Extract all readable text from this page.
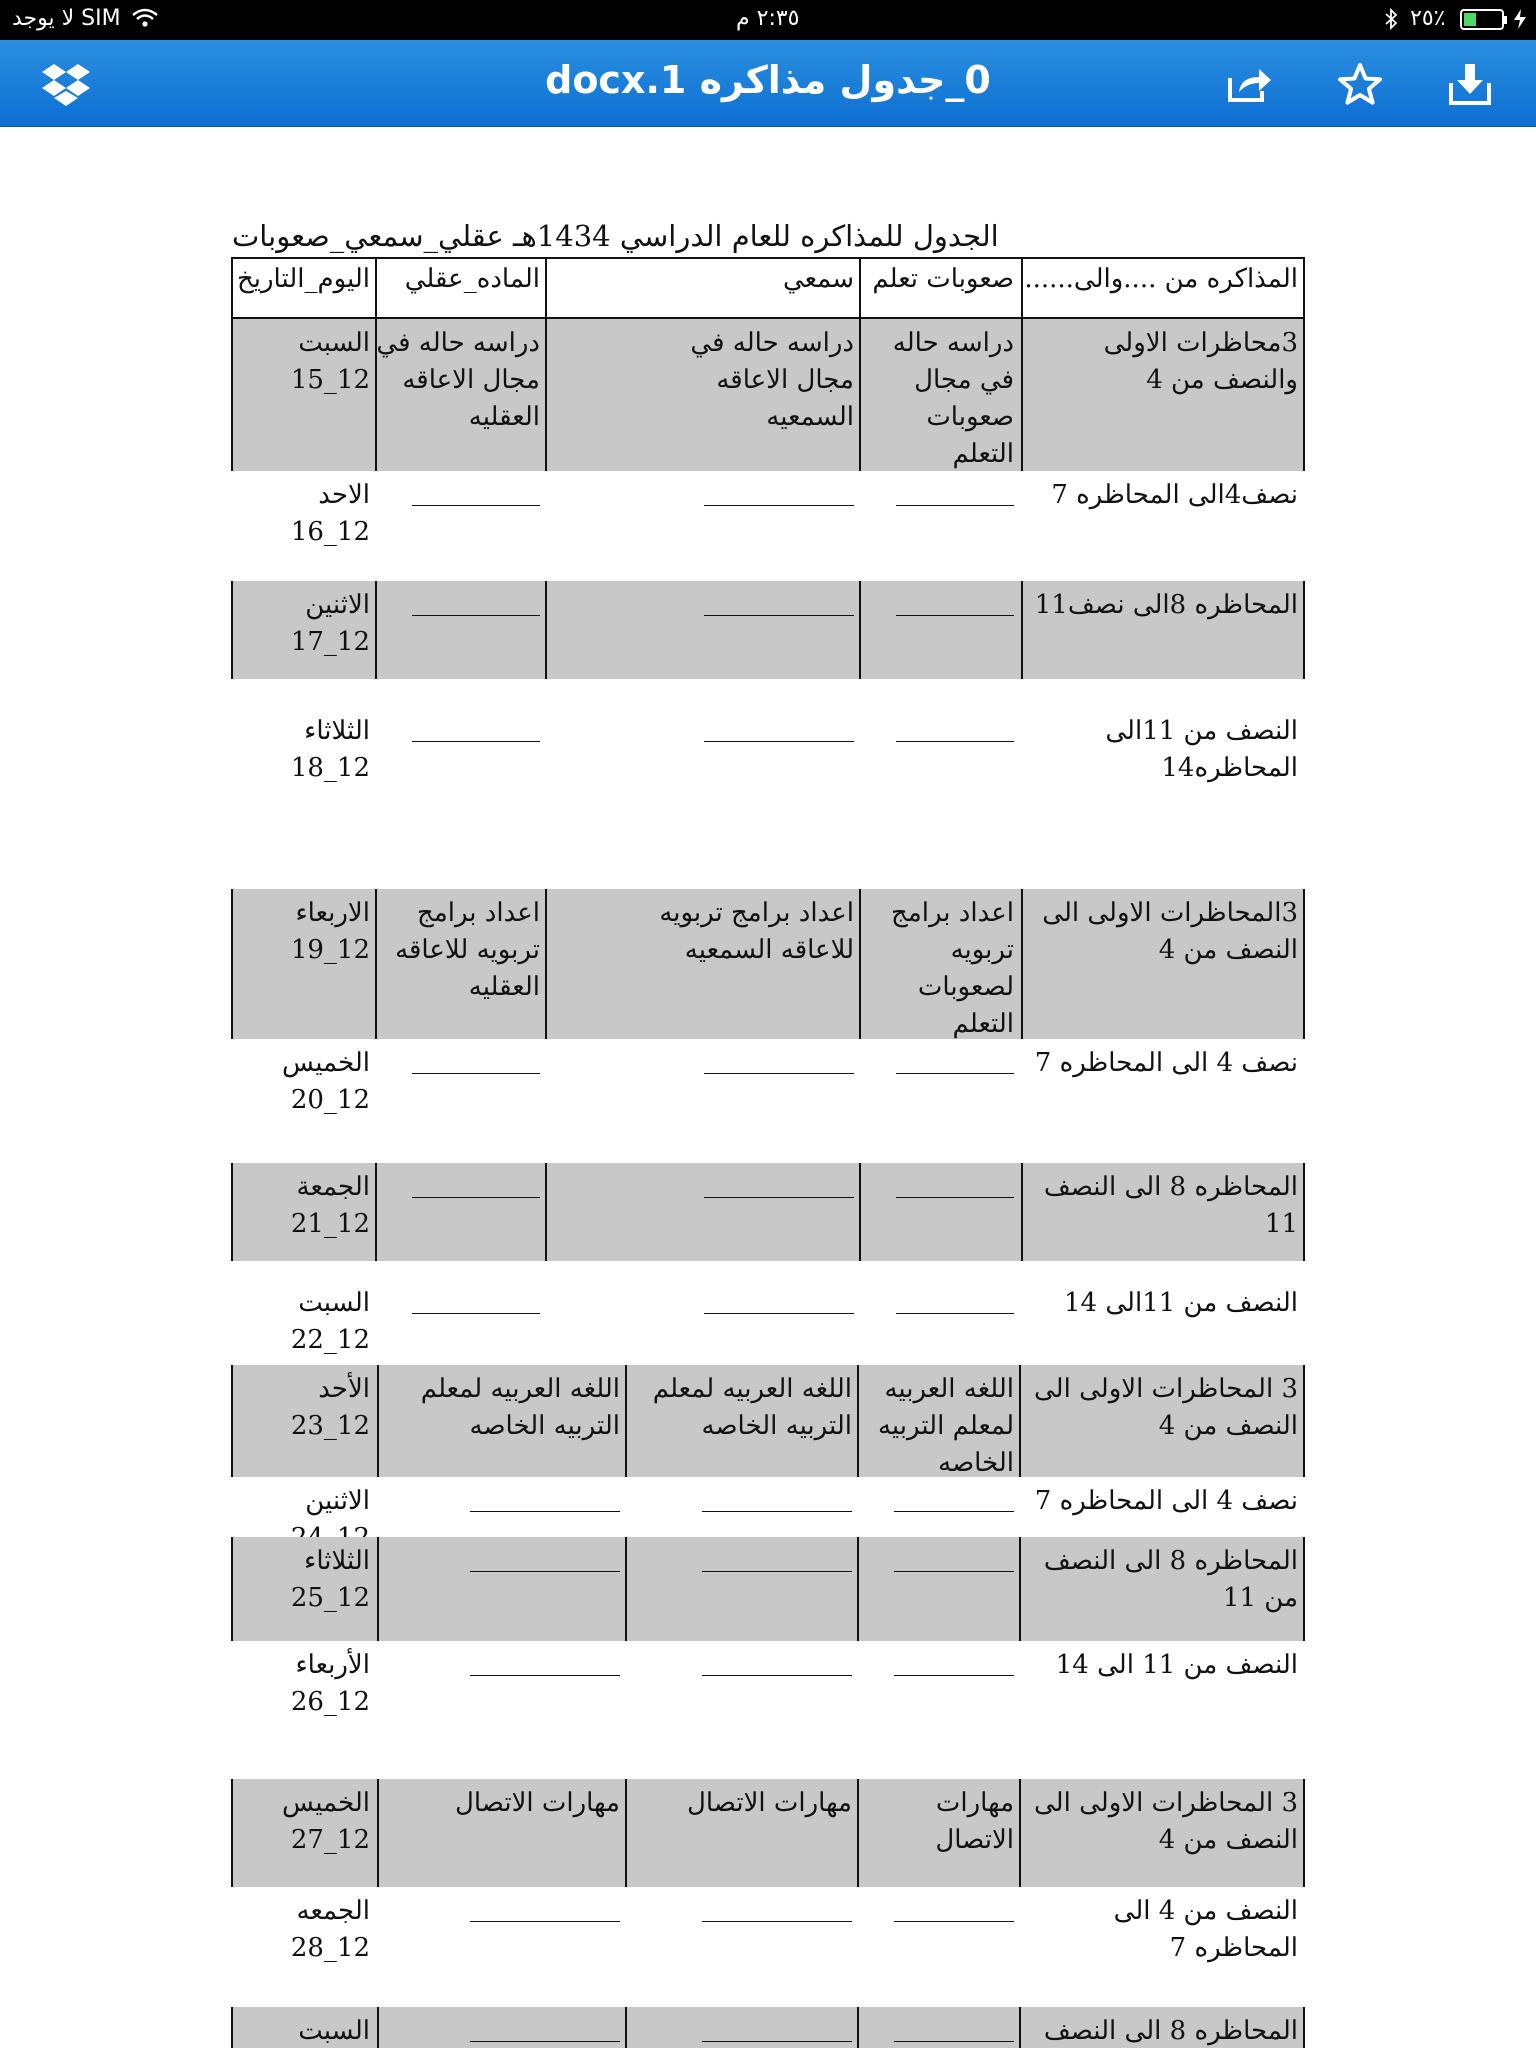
لا يوجد SIM	٢:٣٥ م	٢٥٪
0_جدول مذاكره docx.1
الجدول للمذاكره للعام الدراسي 1434هـ عقلي_سمعي_صعوبات
المذاكره من ....والى......
صعوبات تعلم
سمعي
الماده_عقلي
اليوم_التاريخ
3محاظرات الاولى
والنصف من 4
دراسه حاله
في مجال
صعوبات
التعلم
دراسه حاله في
مجال الاعاقه
السمعيه
دراسه حاله في
مجال الاعاقه
العقليه
السبت
12_15
نصف4الى المحاظره 7
الاحد
12_16
المحاظره 8الى نصف11
الاثنين
12_17
النصف من 11الى
المحاظره14
الثلاثاء
12_18
3المحاظرات الاولى الى
النصف من 4
اعداد برامج
تربويه
لصعوبات
التعلم
اعداد برامج تربويه
للاعاقه السمعيه
اعداد برامج
تربويه للاعاقه
العقليه
الاربعاء
12_19
نصف 4 الى المحاظره 7
الخميس
12_20
المحاظره 8 الى النصف
11
الجمعة
12_21
النصف من 11الى 14
السبت
12_22
3 المحاظرات الاولى الى
النصف من 4
اللغه العربيه
لمعلم التربيه
الخاصه
اللغه العربيه لمعلم
التربيه الخاصه
اللغه العربيه لمعلم
التربيه الخاصه
الأحد
12_23
نصف 4 الى المحاظره 7
الاثنين

المحاظره 8 الى النصف
من 11
الثلاثاء
12_25
النصف من 11 الى 14
الأربعاء
12_26
3 المحاظرات الاولى الى
النصف من 4
مهارات
الاتصال
مهارات الاتصال
مهارات الاتصال
الخميس
12_27
النصف من 4 الى
المحاظره 7
الجمعه
12_28
المحاظره 8 الى النصف
السبت
